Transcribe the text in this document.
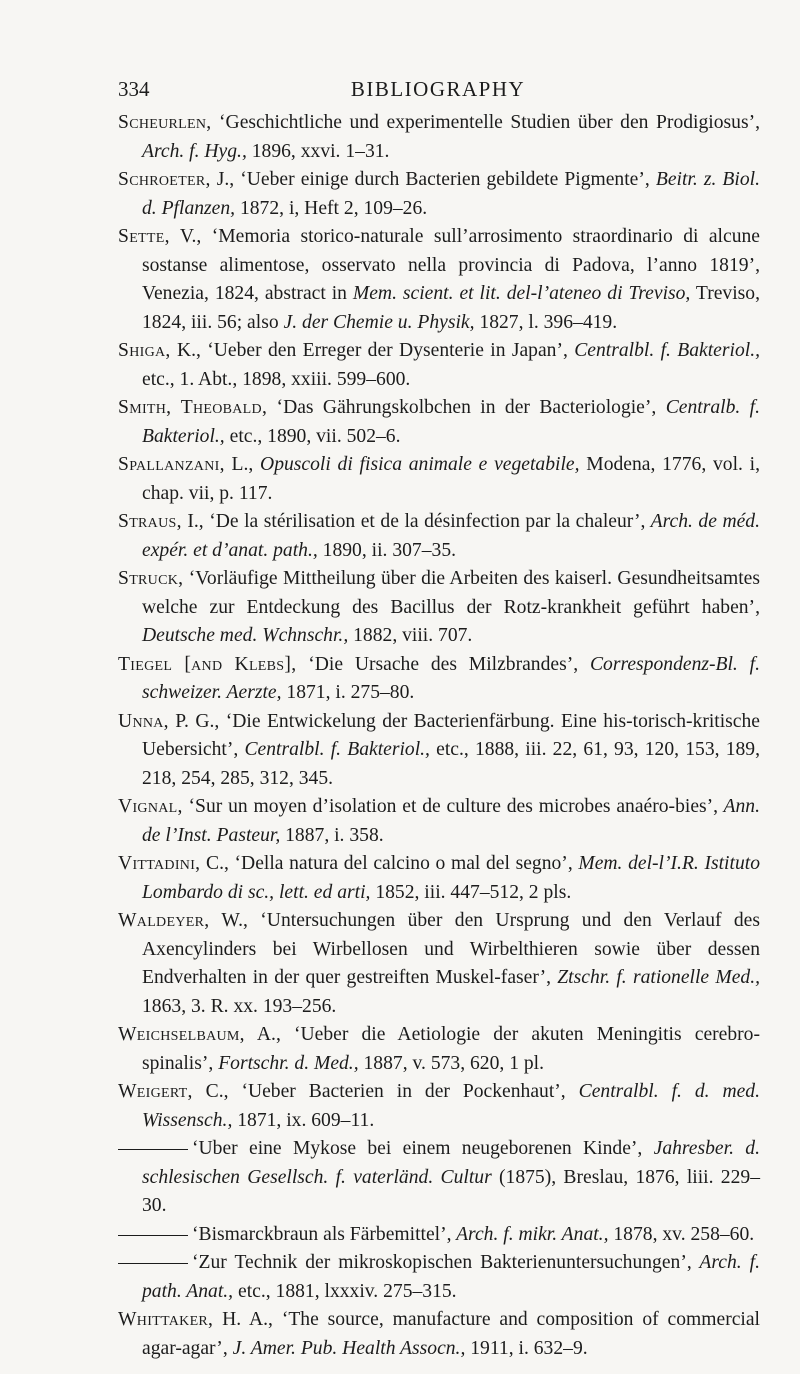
334	BIBLIOGRAPHY

Scheurlen, ‘Geschichtliche und experimentelle Studien über den Prodigiosus’, Arch. f. Hyg., 1896, xxvi. 1–31.

Schroeter, J., ‘Ueber einige durch Bacterien gebildete Pigmente’, Beitr. z. Biol. d. Pflanzen, 1872, i, Heft 2, 109–26.

Sette, V., ‘Memoria storico-naturale sull’arrosimento straordinario di alcune sostanse alimentose, osservato nella provincia di Padova, l’anno 1819’, Venezia, 1824, abstract in Mem. scient. et lit. del-l’ateneo di Treviso, Treviso, 1824, iii. 56; also J. der Chemie u. Physik, 1827, l. 396–419.

Shiga, K., ‘Ueber den Erreger der Dysenterie in Japan’, Centralbl. f. Bakteriol., etc., 1. Abt., 1898, xxiii. 599–600.

Smith, Theobald, ‘Das Gährungskolbchen in der Bacteriologie’, Centralb. f. Bakteriol., etc., 1890, vii. 502–6.

Spallanzani, L., Opuscoli di fisica animale e vegetabile, Modena, 1776, vol. i, chap. vii, p. 117.

Straus, I., ‘De la stérilisation et de la désinfection par la chaleur’, Arch. de méd. expér. et d’anat. path., 1890, ii. 307–35.

Struck, ‘Vorläufige Mittheilung über die Arbeiten des kaiserl. Gesundheitsamtes welche zur Entdeckung des Bacillus der Rotz-krankheit geführt haben’, Deutsche med. Wchnschr., 1882, viii. 707.

Tiegel [and Klebs], ‘Die Ursache des Milzbrandes’, Correspondenz-Bl. f. schweizer. Aerzte, 1871, i. 275–80.

Unna, P. G., ‘Die Entwickelung der Bacterienfärbung. Eine his-torisch-kritische Uebersicht’, Centralbl. f. Bakteriol., etc., 1888, iii. 22, 61, 93, 120, 153, 189, 218, 254, 285, 312, 345.

Vignal, ‘Sur un moyen d’isolation et de culture des microbes anaéro-bies’, Ann. de l’Inst. Pasteur, 1887, i. 358.

Vittadini, C., ‘Della natura del calcino o mal del segno’, Mem. del-l’I.R. Istituto Lombardo di sc., lett. ed arti, 1852, iii. 447–512, 2 pls.

Waldeyer, W., ‘Untersuchungen über den Ursprung und den Verlauf des Axencylinders bei Wirbellosen und Wirbelthieren sowie über dessen Endverhalten in der quer gestreiften Muskel-faser’, Ztschr. f. rationelle Med., 1863, 3. R. xx. 193–256.

Weichselbaum, A., ‘Ueber die Aetiologie der akuten Meningitis cerebro-spinalis’, Fortschr. d. Med., 1887, v. 573, 620, 1 pl.

Weigert, C., ‘Ueber Bacterien in der Pockenhaut’, Centralbl. f. d. med. Wissensch., 1871, ix. 609–11.

‘Uber eine Mykose bei einem neugeborenen Kinde’, Jahresber. d. schlesischen Gesellsch. f. vaterländ. Cultur (1875), Breslau, 1876, liii. 229–30.

‘Bismarckbraun als Färbemittel’, Arch. f. mikr. Anat., 1878, xv. 258–60.

‘Zur Technik der mikroskopischen Bakterienuntersuchungen’, Arch. f. path. Anat., etc., 1881, lxxxiv. 275–315.

Whittaker, H. A., ‘The source, manufacture and composition of commercial agar-agar’, J. Amer. Pub. Health Assocn., 1911, i. 632–9.
